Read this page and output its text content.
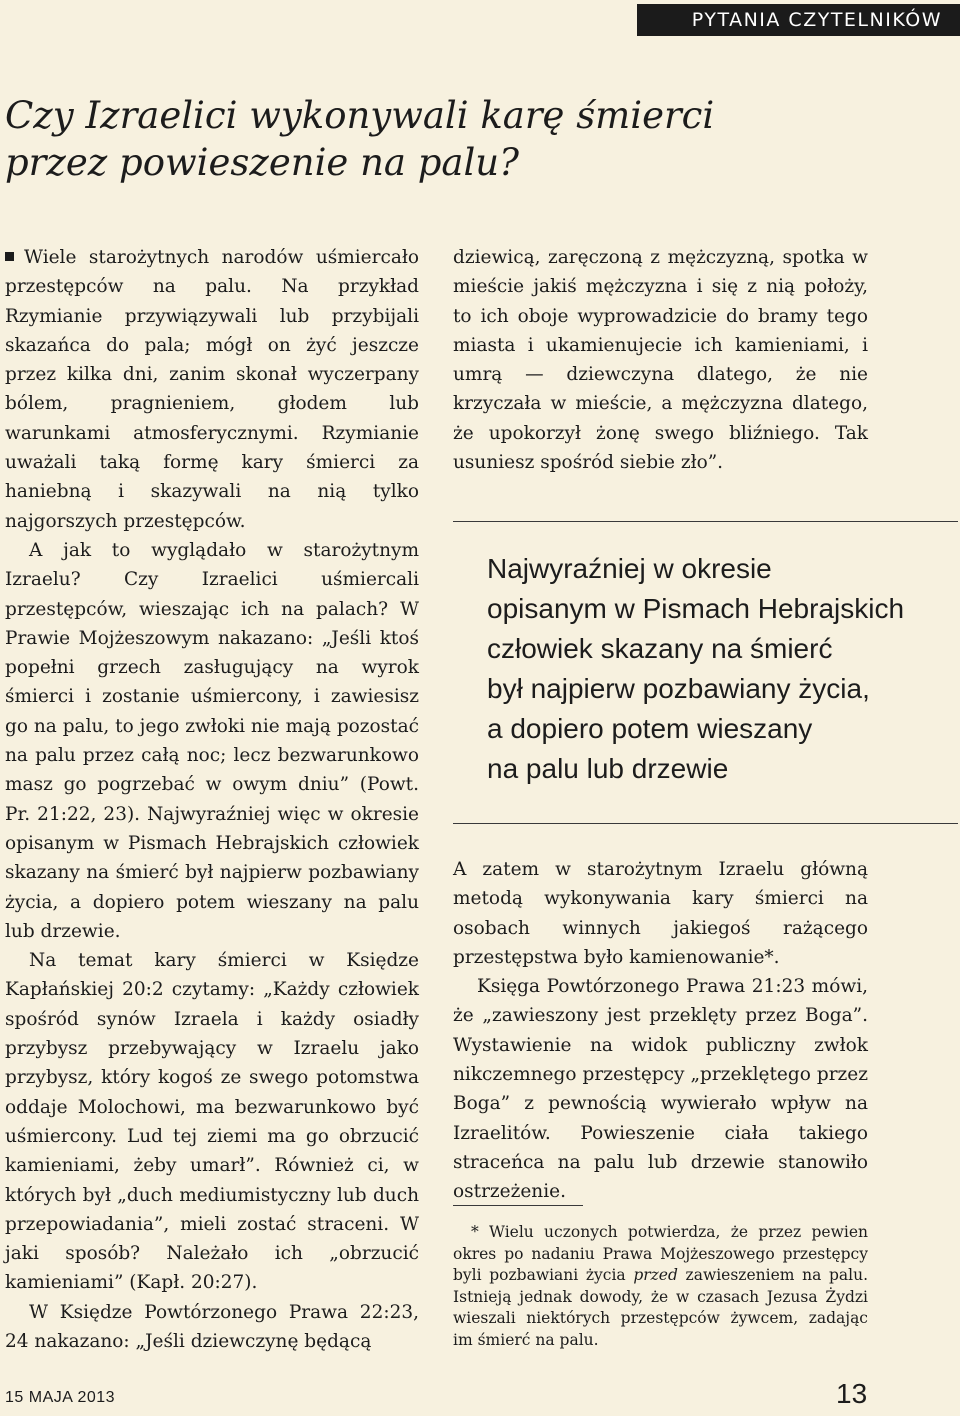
PYTANIA CZYTELNIKÓW
Czy Izraelici wykonywali karę śmierci
przez powieszenie na palu?

Wiele starożytnych narodów uśmiercało przestępców na palu. Na przykład Rzymianie przywiązywali lub przybijali skazańca do pala; mógł on żyć jeszcze przez kilka dni, zanim skonał wyczerpany bólem, pragnieniem, głodem lub warunkami atmosferycznymi. Rzymianie uważali taką formę kary śmierci za haniebną i skazywali na nią tylko najgorszych przestępców.

A jak to wyglądało w starożytnym Izraelu? Czy Izraelici uśmiercali przestępców, wieszając ich na palach? W Prawie Mojżeszowym nakazano: „Jeśli ktoś popełni grzech zasługujący na wyrok śmierci i zostanie uśmiercony, i zawiesisz go na palu, to jego zwłoki nie mają pozostać na palu przez całą noc; lecz bezwarunkowo masz go pogrzebać w owym dniu” (Powt. Pr. 21:22, 23). Najwyraźniej więc w okresie opisanym w Pismach Hebrajskich człowiek skazany na śmierć był najpierw pozbawiany życia, a dopiero potem wieszany na palu lub drzewie.

Na temat kary śmierci w Księdze Kapłańskiej 20:2 czytamy: „Każdy człowiek spośród synów Izraela i każdy osiadły przybysz przebywający w Izraelu jako przybysz, który kogoś ze swego potomstwa oddaje Molochowi, ma bezwarunkowo być uśmiercony. Lud tej ziemi ma go obrzucić kamieniami, żeby umarł”. Również ci, w których był „duch mediumistyczny lub duch przepowiadania”, mieli zostać straceni. W jaki sposób? Należało ich „obrzucić kamieniami” (Kapł. 20:27).

W Księdze Powtórzonego Prawa 22:23, 24 nakazano: „Jeśli dziewczynę będącą

dziewicą, zaręczoną z mężczyzną, spotka w mieście jakiś mężczyzna i się z nią położy, to ich oboje wyprowadzicie do bramy tego miasta i ukamienujecie ich kamieniami, i umrą — dziewczyna dlatego, że nie krzyczała w mieście, a mężczyzna dlatego, że upokorzył żonę swego bliźniego. Tak usuniesz spośród siebie zło”.

Najwyraźniej w okresie
opisanym w Pismach Hebrajskich
człowiek skazany na śmierć
był najpierw pozbawiany życia,
a dopiero potem wieszany
na palu lub drzewie

A zatem w starożytnym Izraelu główną metodą wykonywania kary śmierci na osobach winnych jakiegoś rażącego przestępstwa było kamienowanie*.

Księga Powtórzonego Prawa 21:23 mówi, że „zawieszony jest przeklęty przez Boga”. Wystawienie na widok publiczny zwłok nikczemnego przestępcy „przeklętego przez Boga” z pewnością wywierało wpływ na Izraelitów. Powieszenie ciała takiego straceńca na palu lub drzewie stanowiło ostrzeżenie.

* Wielu uczonych potwierdza, że przez pewien okres po nadaniu Prawa Mojżeszowego przestępcy byli pozbawiani życia przed zawieszeniem na palu. Istnieją jednak dowody, że w czasach Jezusa Żydzi wieszali niektórych przestępców żywcem, zadając im śmierć na palu.
15 MAJA 2013	13
